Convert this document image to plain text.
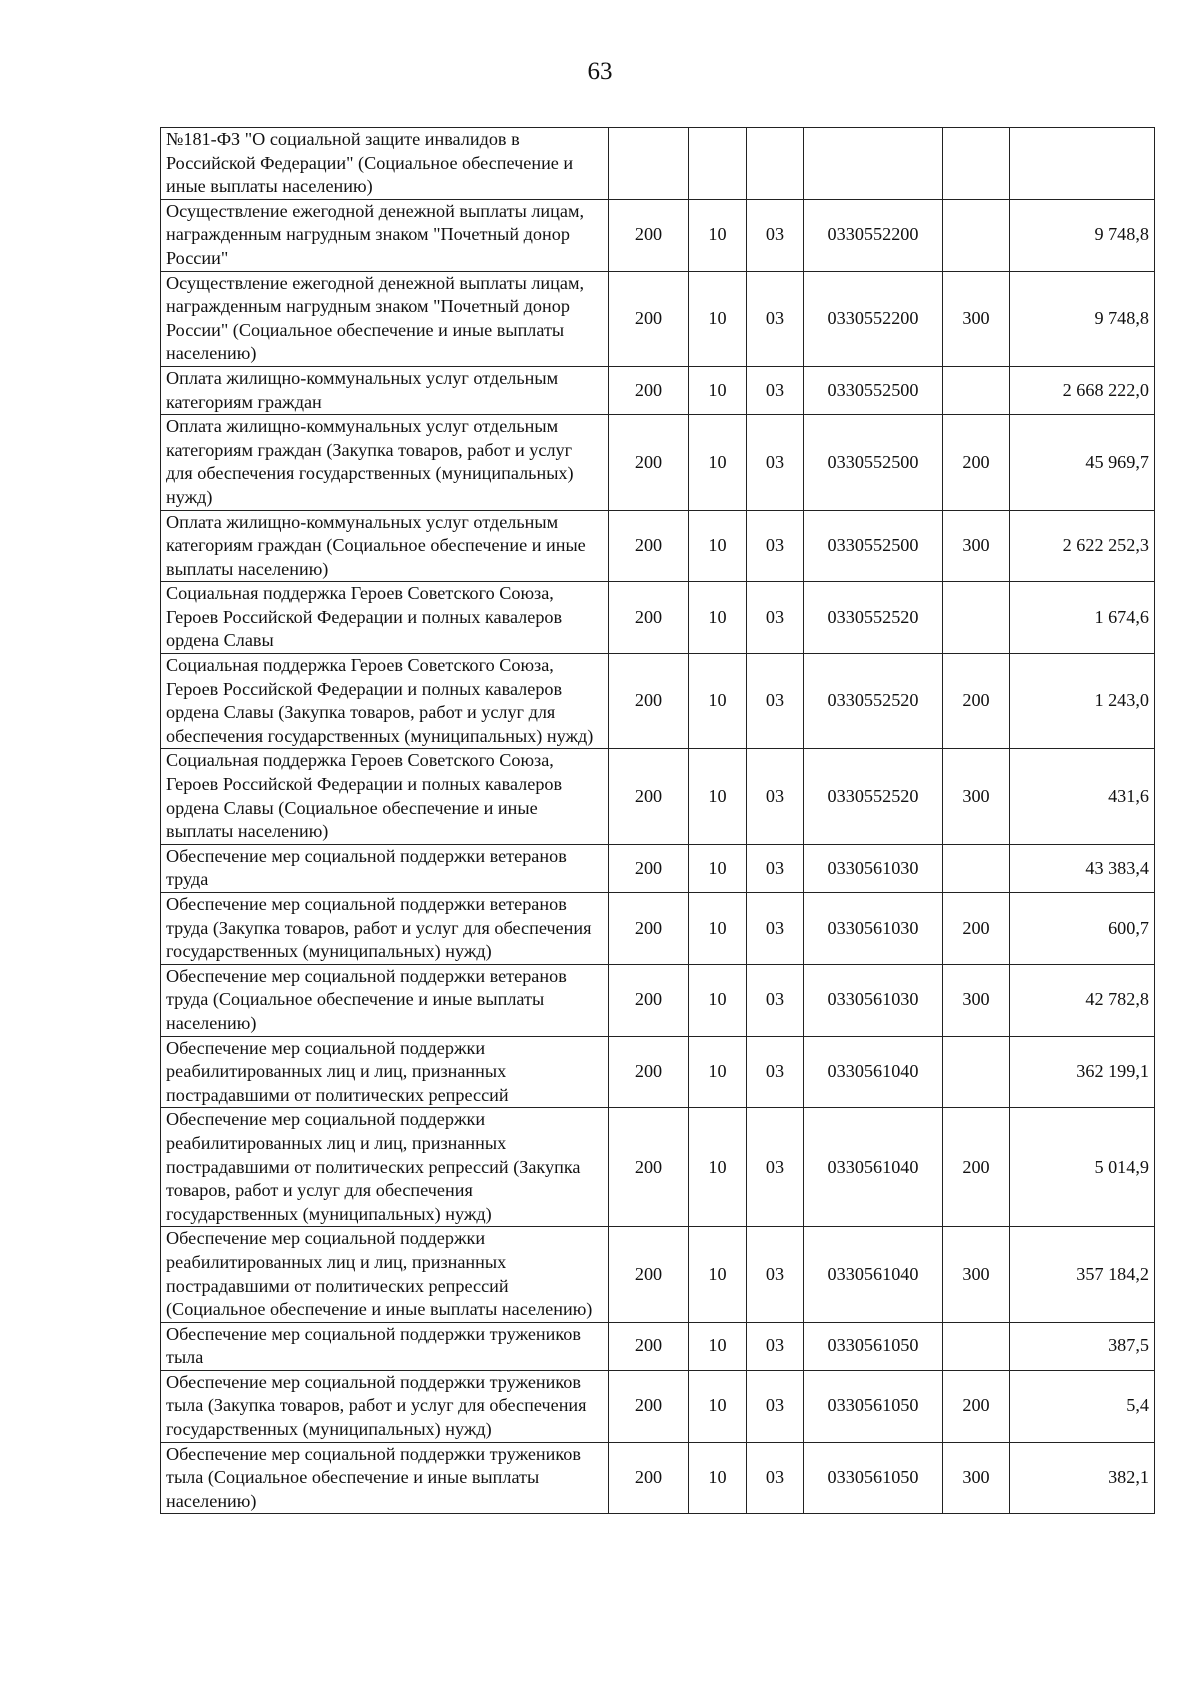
63
№181-ФЗ "О социальной защите инвалидов в Российской Федерации" (Социальное обеспечение и иные выплаты населению)						
Осуществление ежегодной денежной выплаты лицам, награжденным нагрудным знаком "Почетный донор России"	200	10	03	0330552200		9 748,8
Осуществление ежегодной денежной выплаты лицам, награжденным нагрудным знаком "Почетный донор России" (Социальное обеспечение и иные выплаты населению)	200	10	03	0330552200	300	9 748,8
Оплата жилищно-коммунальных услуг отдельным категориям граждан	200	10	03	0330552500		2 668 222,0
Оплата жилищно-коммунальных услуг отдельным категориям граждан (Закупка товаров, работ и услуг для обеспечения государственных (муниципальных) нужд)	200	10	03	0330552500	200	45 969,7
Оплата жилищно-коммунальных услуг отдельным категориям граждан (Социальное обеспечение и иные выплаты населению)	200	10	03	0330552500	300	2 622 252,3
Социальная поддержка Героев Советского Союза, Героев Российской Федерации и полных кавалеров ордена Славы	200	10	03	0330552520		1 674,6
Социальная поддержка Героев Советского Союза, Героев Российской Федерации и полных кавалеров ордена Славы (Закупка товаров, работ и услуг для обеспечения государственных (муниципальных) нужд)	200	10	03	0330552520	200	1 243,0
Социальная поддержка Героев Советского Союза, Героев Российской Федерации и полных кавалеров ордена Славы (Социальное обеспечение и иные выплаты населению)	200	10	03	0330552520	300	431,6
Обеспечение мер социальной поддержки ветеранов труда	200	10	03	0330561030		43 383,4
Обеспечение мер социальной поддержки ветеранов труда (Закупка товаров, работ и услуг для обеспечения государственных (муниципальных) нужд)	200	10	03	0330561030	200	600,7
Обеспечение мер социальной поддержки ветеранов труда (Социальное обеспечение и иные выплаты населению)	200	10	03	0330561030	300	42 782,8
Обеспечение мер социальной поддержки реабилитированных лиц и лиц, признанных пострадавшими от политических репрессий	200	10	03	0330561040		362 199,1
Обеспечение мер социальной поддержки реабилитированных лиц и лиц, признанных пострадавшими от политических репрессий (Закупка товаров, работ и услуг для обеспечения государственных (муниципальных) нужд)	200	10	03	0330561040	200	5 014,9
Обеспечение мер социальной поддержки реабилитированных лиц и лиц, признанных пострадавшими от политических репрессий (Социальное обеспечение и иные выплаты населению)	200	10	03	0330561040	300	357 184,2
Обеспечение мер социальной поддержки тружеников тыла	200	10	03	0330561050		387,5
Обеспечение мер социальной поддержки тружеников тыла (Закупка товаров, работ и услуг для обеспечения государственных (муниципальных) нужд)	200	10	03	0330561050	200	5,4
Обеспечение мер социальной поддержки тружеников тыла (Социальное обеспечение и иные выплаты населению)	200	10	03	0330561050	300	382,1
